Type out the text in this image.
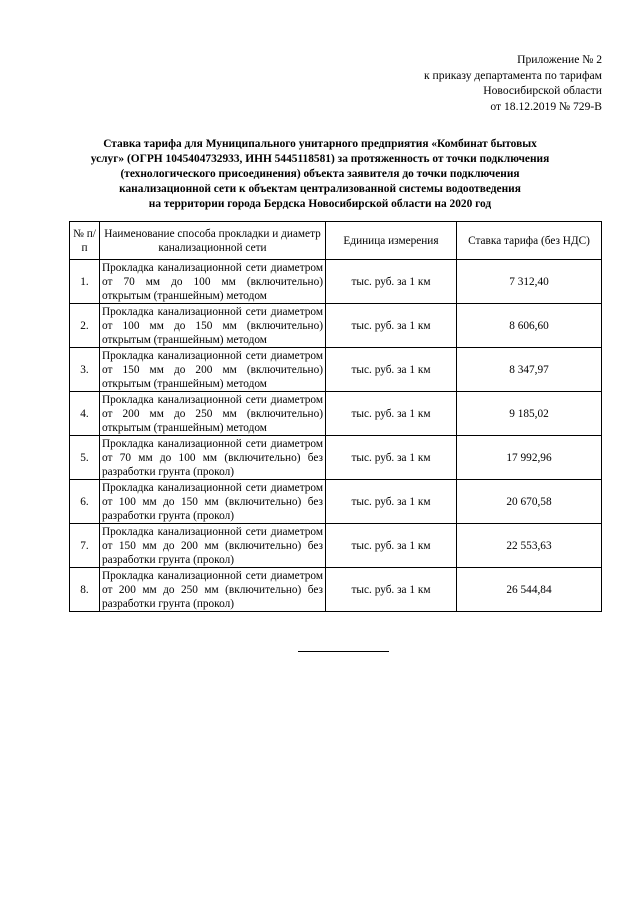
Приложение № 2
к приказу департамента по тарифам
Новосибирской области
от 18.12.2019 № 729-В
Ставка тарифа для Муниципального унитарного предприятия «Комбинат бытовых
услуг» (ОГРН 1045404732933, ИНН 5445118581) за протяженность от точки подключения
(технологического присоединения) объекта заявителя до точки подключения
канализационной сети к объектам централизованной системы водоотведения
на территории города Бердска Новосибирской области на 2020 год
№ п/п	Наименование способа прокладки и диаметр канализационной сети	Единица измерения	Ставка тарифа (без НДС)
1.	Прокладка канализационной сети диаметром от 70 мм до 100 мм (включительно) открытым (траншейным) методом	тыс. руб. за 1 км	7 312,40
2.	Прокладка канализационной сети диаметром от 100 мм до 150 мм (включительно) открытым (траншейным) методом	тыс. руб. за 1 км	8 606,60
3.	Прокладка канализационной сети диаметром от 150 мм до 200 мм (включительно) открытым (траншейным) методом	тыс. руб. за 1 км	8 347,97
4.	Прокладка канализационной сети диаметром от 200 мм до 250 мм (включительно) открытым (траншейным) методом	тыс. руб. за 1 км	9 185,02
5.	Прокладка канализационной сети диаметром от 70 мм до 100 мм (включительно) без разработки грунта (прокол)	тыс. руб. за 1 км	17 992,96
6.	Прокладка канализационной сети диаметром от 100 мм до 150 мм (включительно) без разработки грунта (прокол)	тыс. руб. за 1 км	20 670,58
7.	Прокладка канализационной сети диаметром от 150 мм до 200 мм (включительно) без разработки грунта (прокол)	тыс. руб. за 1 км	22 553,63
8.	Прокладка канализационной сети диаметром от 200 мм до 250 мм (включительно) без разработки грунта (прокол)	тыс. руб. за 1 км	26 544,84
